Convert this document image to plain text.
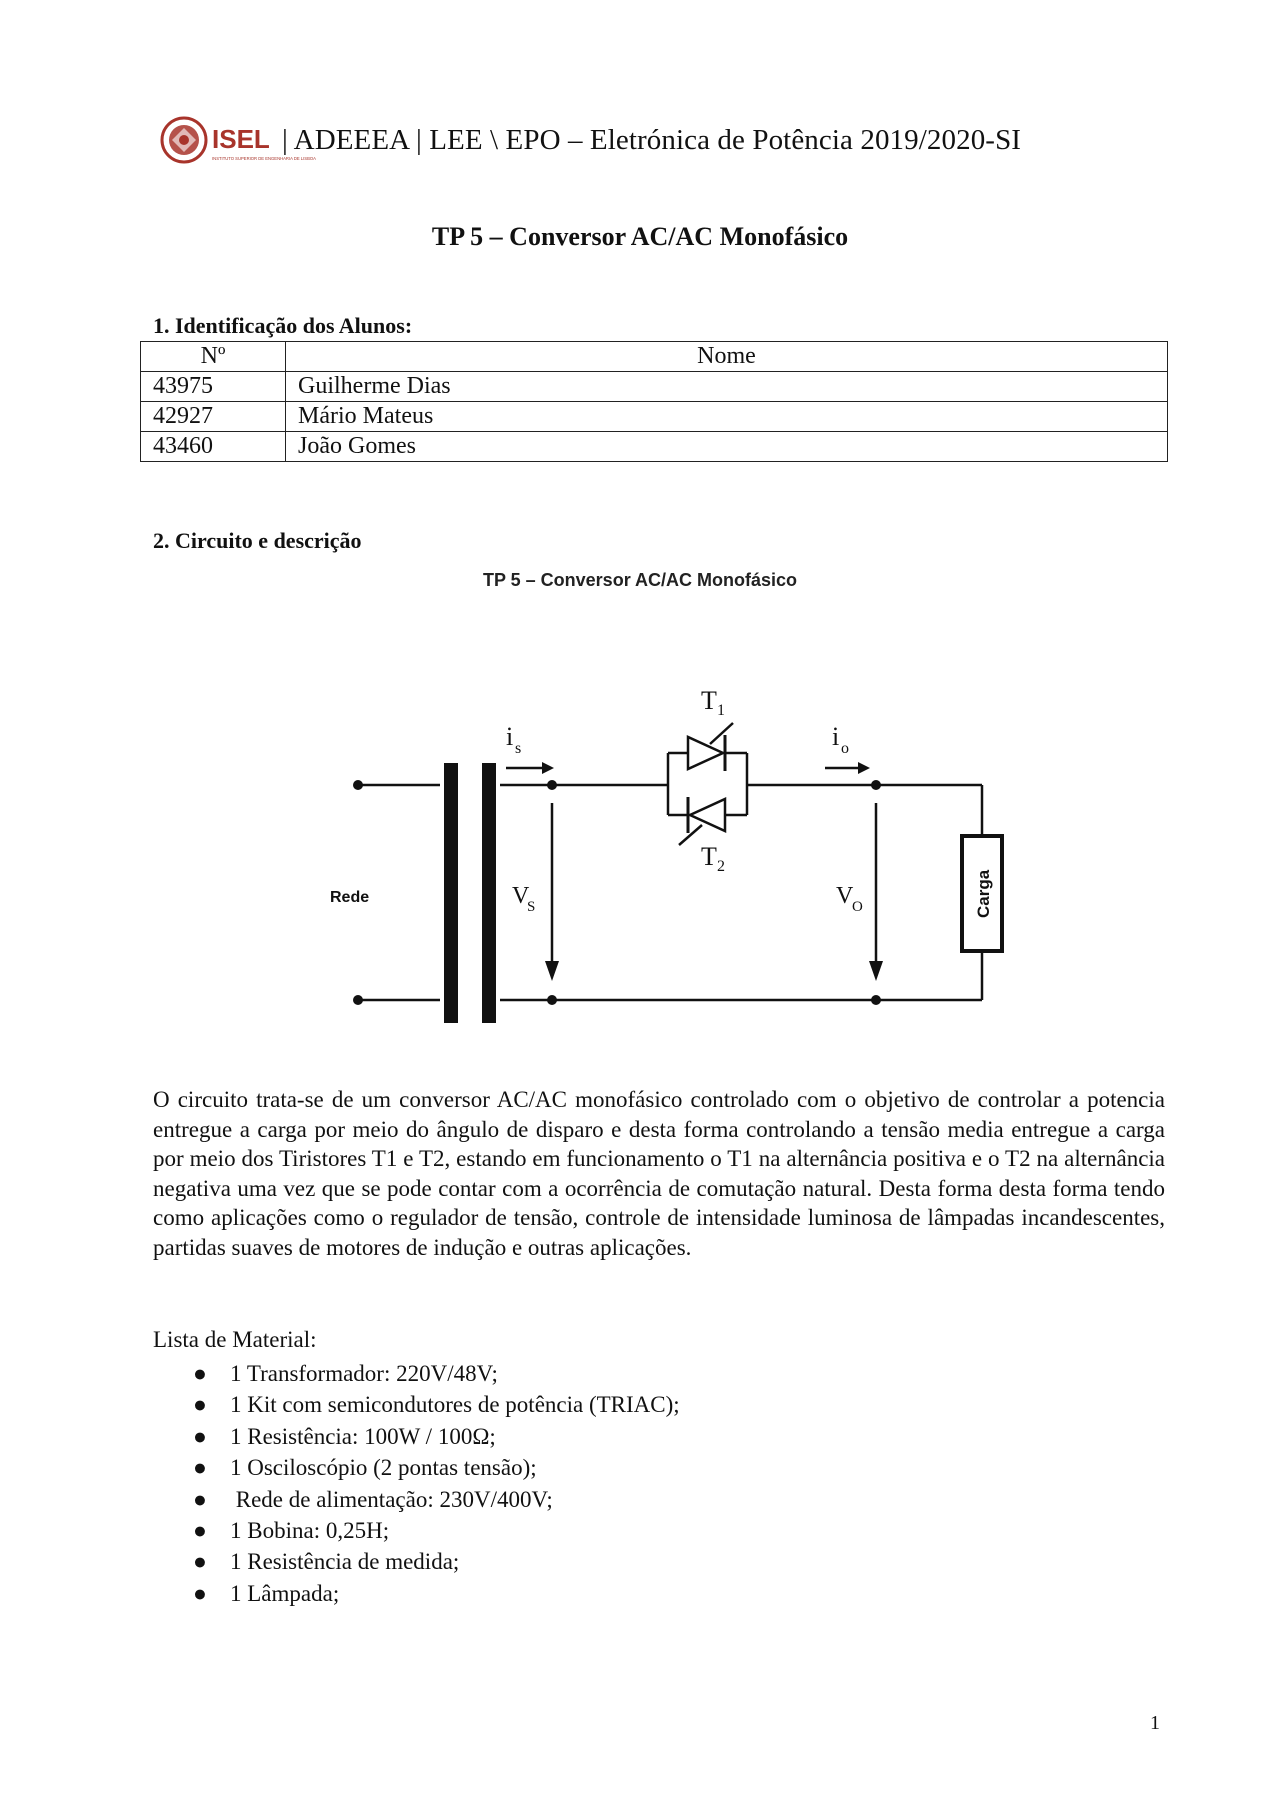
ISEL
INSTITUTO SUPERIOR DE ENGENHARIA DE LISBOA
| ADEEEA | LEE \ EPO – Eletrónica de Potência 2019/2020-SI
TP 5 – Conversor AC/AC Monofásico
1. Identificação dos Alunos:
Nº	Nome
43975	Guilherme Dias
42927	Mário Mateus
43460	João Gomes
2. Circuito e descrição
TP 5 – Conversor AC/AC Monofásico
Rede	V
S
i s
T 1
T 2
i o
V
O	Carga
O circuito trata-se de um conversor AC/AC monofásico controlado com o objetivo de controlar a potencia entregue a carga por meio do ângulo de disparo e desta forma controlando a tensão media entregue a carga por meio dos Tiristores T1 e T2, estando em funcionamento o T1 na alternância positiva e o T2 na alternância negativa uma vez que se pode contar com a ocorrência de comutação natural. Desta forma desta forma tendo como aplicações como o regulador de tensão, controle de intensidade luminosa de lâmpadas incandescentes, partidas suaves de motores de indução e outras aplicações.
Lista de Material:
● 1 Transformador: 220V/48V;
● 1 Kit com semicondutores de potência (TRIAC);
● 1 Resistência: 100W / 100Ω;
● 1 Osciloscópio (2 pontas tensão);
● Rede de alimentação: 230V/400V;
● 1 Bobina: 0,25H;
● 1 Resistência de medida;
● 1 Lâmpada;
1
